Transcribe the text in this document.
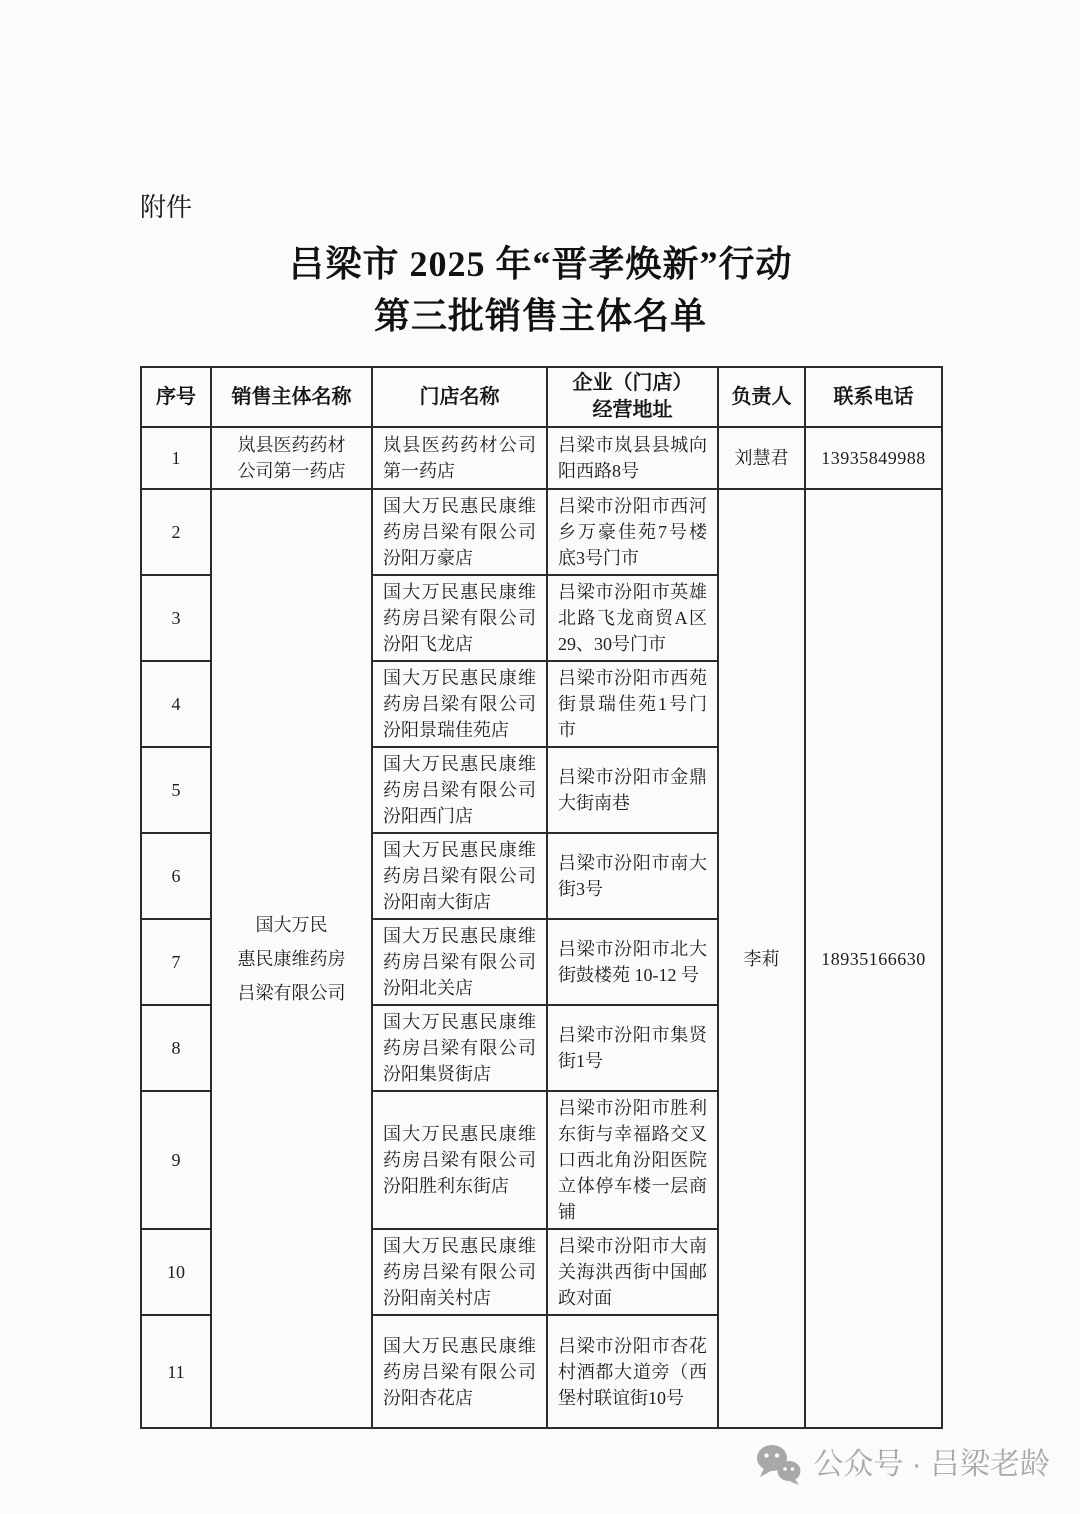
附件
吕梁市 2025 年“晋孝焕新”行动
第三批销售主体名单
序号	销售主体名称	门店名称	企业（门店）
经营地址	负责人	联系电话
1	岚县医药药材公司第一药店	岚县医药药材公司第一药店	吕梁市岚县县城向阳西路8号	刘慧君	13935849988
2	国大万民
惠民康维药房
吕梁有限公司	国大万民惠民康维药房吕梁有限公司汾阳万豪店	吕梁市汾阳市西河乡万豪佳苑7号楼底3号门市	李莉	18935166630
3		国大万民惠民康维药房吕梁有限公司汾阳飞龙店	吕梁市汾阳市英雄北路飞龙商贸A区29、30号门市		
4		国大万民惠民康维药房吕梁有限公司汾阳景瑞佳苑店	吕梁市汾阳市西苑街景瑞佳苑1号门市		
5		国大万民惠民康维药房吕梁有限公司汾阳西门店	吕梁市汾阳市金鼎大街南巷		
6		国大万民惠民康维药房吕梁有限公司汾阳南大街店	吕梁市汾阳市南大街3号		
7		国大万民惠民康维药房吕梁有限公司汾阳北关店	吕梁市汾阳市北大街鼓楼苑 10-12 号		
8		国大万民惠民康维药房吕梁有限公司汾阳集贤街店	吕梁市汾阳市集贤街1号		
9		国大万民惠民康维药房吕梁有限公司汾阳胜利东街店	吕梁市汾阳市胜利东街与幸福路交叉口西北角汾阳医院立体停车楼一层商铺		
10		国大万民惠民康维药房吕梁有限公司汾阳南关村店	吕梁市汾阳市大南关海洪西街中国邮政对面		
11		国大万民惠民康维药房吕梁有限公司汾阳杏花店	吕梁市汾阳市杏花村酒都大道旁（西堡村联谊街10号		
公众号 · 吕梁老龄
